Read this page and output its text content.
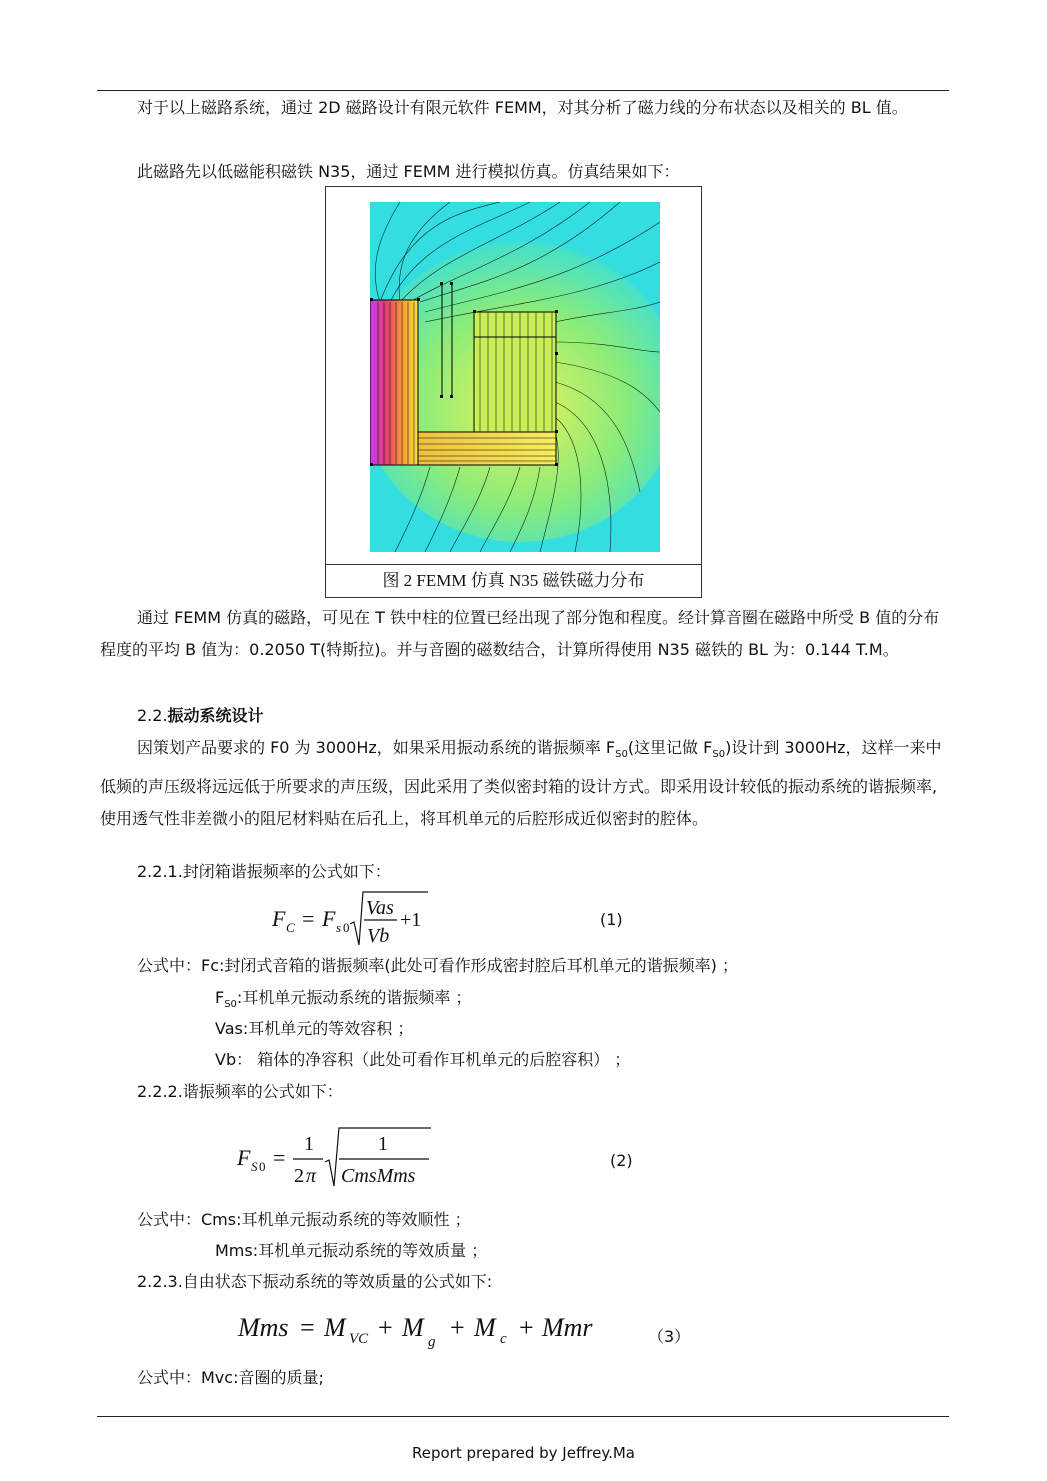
对于以上磁路系统，通过 2D 磁路设计有限元软件 FEMM，对其分析了磁力线的分布状态以及相关的 BL 值。

此磁路先以低磁能积磁铁 N35，通过 FEMM 进行模拟仿真。仿真结果如下：

图 2 FEMM 仿真 N35 磁铁磁力分布

通过 FEMM 仿真的磁路，可见在 T 铁中柱的位置已经出现了部分饱和程度。经计算音圈在磁路中所受 B 值的分布程度的平均 B 值为：0.2050 T(特斯拉)。并与音圈的磁数结合，计算所得使用 N35 磁铁的 BL 为：0.144 T.M。

2.2.振动系统设计

因策划产品要求的 F0 为 3000Hz，如果采用振动系统的谐振频率 $F_{S0}$(这里记做 $F_{S0}$)设计到 3000Hz，这样一来中低频的声压级将远远低于所要求的声压级，因此采用了类似密封箱的设计方式。即采用设计较低的振动系统的谐振频率,使用透气性非差微小的阻尼材料贴在后孔上，将耳机单元的后腔形成近似密封的腔体。

2.2.1.封闭箱谐振频率的公式如下：
F C = F s 0
Vas
Vb
+1	(1)
公式中：Fc:封闭式音箱的谐振频率(此处可看作形成密封腔后耳机单元的谐振频率) ；
$F_{S0}$:耳机单元振动系统的谐振频率 ；
Vas:耳机单元的等效容积 ；
Vb： 箱体的净容积（此处可看作耳机单元的后腔容积） ；
2.2.2.谐振频率的公式如下：
F S 0 =
1
2 π
1
CmsMms
(2)
公式中：Cms:耳机单元振动系统的等效顺性 ；
Mms:耳机单元振动系统的等效质量 ；
2.2.3.自由状态下振动系统的等效质量的公式如下:
Mms = M VC + M g + M c + Mmr	（3）
公式中：Mvc:音圈的质量;
Report prepared by Jeffrey.Ma
